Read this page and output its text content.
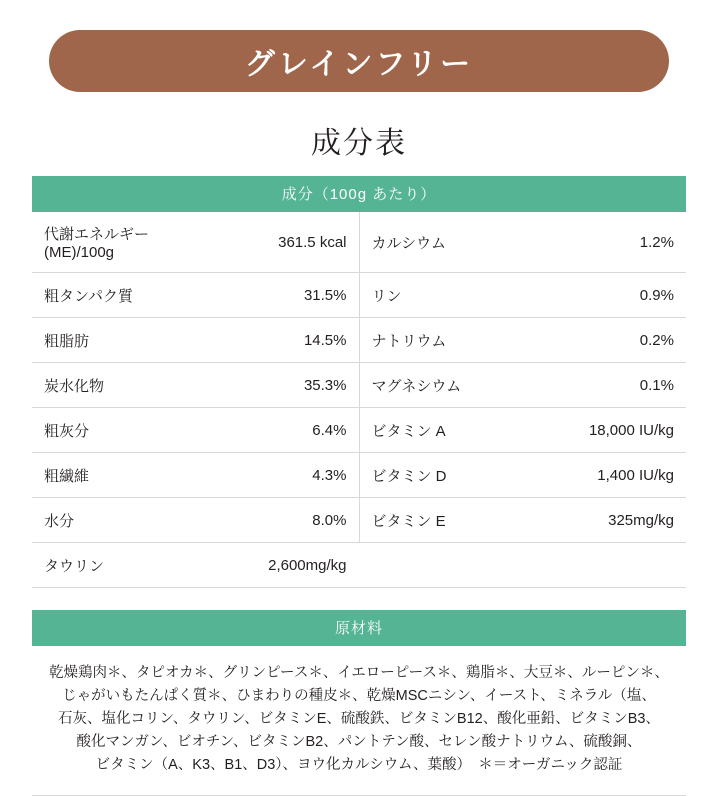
グレインフリー
成分表
成分（100g あたり）			
代謝エネルギー
(ME)/100g	361.5 kcal	カルシウム	1.2%
粗タンパク質	31.5%	リン	0.9%
粗脂肪	14.5%	ナトリウム	0.2%
炭水化物	35.3%	マグネシウム	0.1%
粗灰分	6.4%	ビタミン A	18,000 IU/kg
粗繊維	4.3%	ビタミン D	1,400 IU/kg
水分	8.0%	ビタミン E	325mg/kg
タウリン	2,600mg/kg		
原材料
乾燥鶏肉＊、タピオカ＊、グリンピース＊、イエローピース＊、鶏脂＊、大豆＊、ルーピン＊、
じゃがいもたんぱく質＊、ひまわりの種皮＊、乾燥MSCニシン、イースト、ミネラル（塩、
石灰、塩化コリン、タウリン、ビタミンE、硫酸鉄、ビタミンB12、酸化亜鉛、ビタミンB3、
酸化マンガン、ビオチン、ビタミンB2、パントテン酸、セレン酸ナトリウム、硫酸銅、
ビタミン（A、K3、B1、D3）、ヨウ化カルシウム、葉酸）　＊＝オーガニック認証
